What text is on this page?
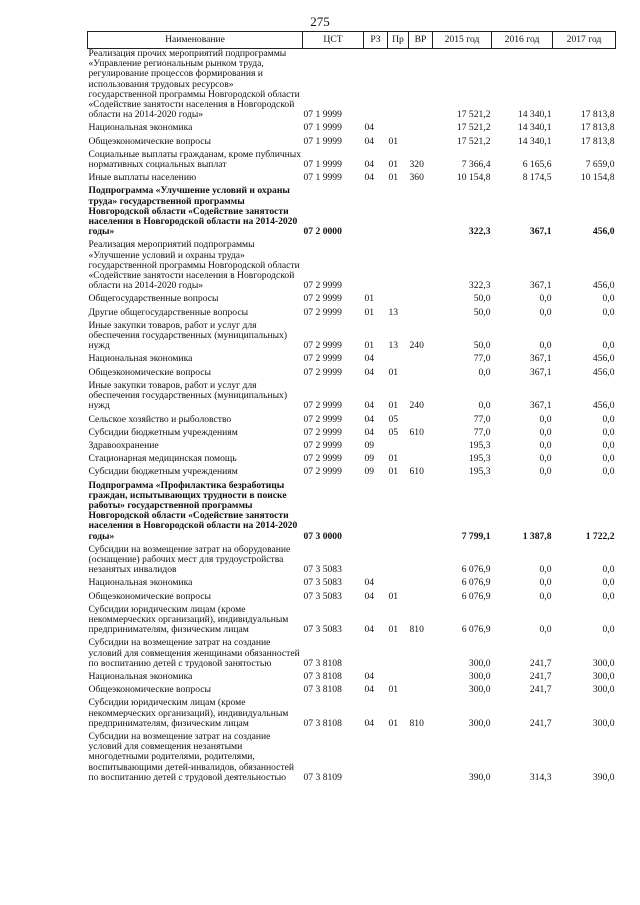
275
Наименование	ЦСТ	РЗ	Пр	ВР	2015 год	2016 год	2017 год
Реализация прочих мероприятий подпрограммы «Управление региональным рынком труда, регулирование процессов формирования и использования трудовых ресурсов» государственной программы Новгородской области «Содействие занятости населения в Новгородской области на 2014-2020 годы»	07 1 9999				17 521,2	14 340,1	17 813,8
Национальная экономика	07 1 9999	04			17 521,2	14 340,1	17 813,8
Общеэкономические вопросы	07 1 9999	04	01		17 521,2	14 340,1	17 813,8
Социальные выплаты гражданам, кроме публичных нормативных социальных выплат	07 1 9999	04	01	320	7 366,4	6 165,6	7 659,0
Иные выплаты населению	07 1 9999	04	01	360	10 154,8	8 174,5	10 154,8
Подпрограмма «Улучшение условий и охраны труда» государственной программы Новгородской области «Содействие занятости населения в Новгородской области на 2014-2020 годы»	07 2 0000				322,3	367,1	456,0
Реализация мероприятий подпрограммы «Улучшение условий и охраны труда» государственной программы Новгородской области «Содействие занятости населения в Новгородской области на 2014-2020 годы»	07 2 9999				322,3	367,1	456,0
Общегосударственные вопросы	07 2 9999	01			50,0	0,0	0,0
Другие общегосударственные вопросы	07 2 9999	01	13		50,0	0,0	0,0
Иные закупки товаров, работ и услуг для обеспечения государственных (муниципальных) нужд	07 2 9999	01	13	240	50,0	0,0	0,0
Национальная экономика	07 2 9999	04			77,0	367,1	456,0
Общеэкономические вопросы	07 2 9999	04	01		0,0	367,1	456,0
Иные закупки товаров, работ и услуг для обеспечения государственных (муниципальных) нужд	07 2 9999	04	01	240	0,0	367,1	456,0
Сельское хозяйство и рыболовство	07 2 9999	04	05		77,0	0,0	0,0
Субсидии бюджетным учреждениям	07 2 9999	04	05	610	77,0	0,0	0,0
Здравоохранение	07 2 9999	09			195,3	0,0	0,0
Стационарная медицинская помощь	07 2 9999	09	01		195,3	0,0	0,0
Субсидии бюджетным учреждениям	07 2 9999	09	01	610	195,3	0,0	0,0
Подпрограмма «Профилактика безработицы граждан, испытывающих трудности в поиске работы» государственной программы Новгородской области «Содействие занятости населения в Новгородской области на 2014-2020 годы»	07 3 0000				7 799,1	1 387,8	1 722,2
Субсидии на возмещение затрат на оборудование (оснащение) рабочих мест для трудоустройства незанятых инвалидов	07 3 5083				6 076,9	0,0	0,0
Национальная экономика	07 3 5083	04			6 076,9	0,0	0,0
Общеэкономические вопросы	07 3 5083	04	01		6 076,9	0,0	0,0
Субсидии юридическим лицам (кроме некоммерческих организаций), индивидуальным предпринимателям, физическим лицам	07 3 5083	04	01	810	6 076,9	0,0	0,0
Субсидии на возмещение затрат на создание условий для совмещения женщинами обязанностей по воспитанию детей с трудовой занятостью	07 3 8108				300,0	241,7	300,0
Национальная экономика	07 3 8108	04			300,0	241,7	300,0
Общеэкономические вопросы	07 3 8108	04	01		300,0	241,7	300,0
Субсидии юридическим лицам (кроме некоммерческих организаций), индивидуальным предпринимателям, физическим лицам	07 3 8108	04	01	810	300,0	241,7	300,0
Субсидии на возмещение затрат на создание условий для совмещения незанятыми многодетными родителями, родителями, воспитывающими детей-инвалидов, обязанностей по воспитанию детей с трудовой деятельностью	07 3 8109				390,0	314,3	390,0
